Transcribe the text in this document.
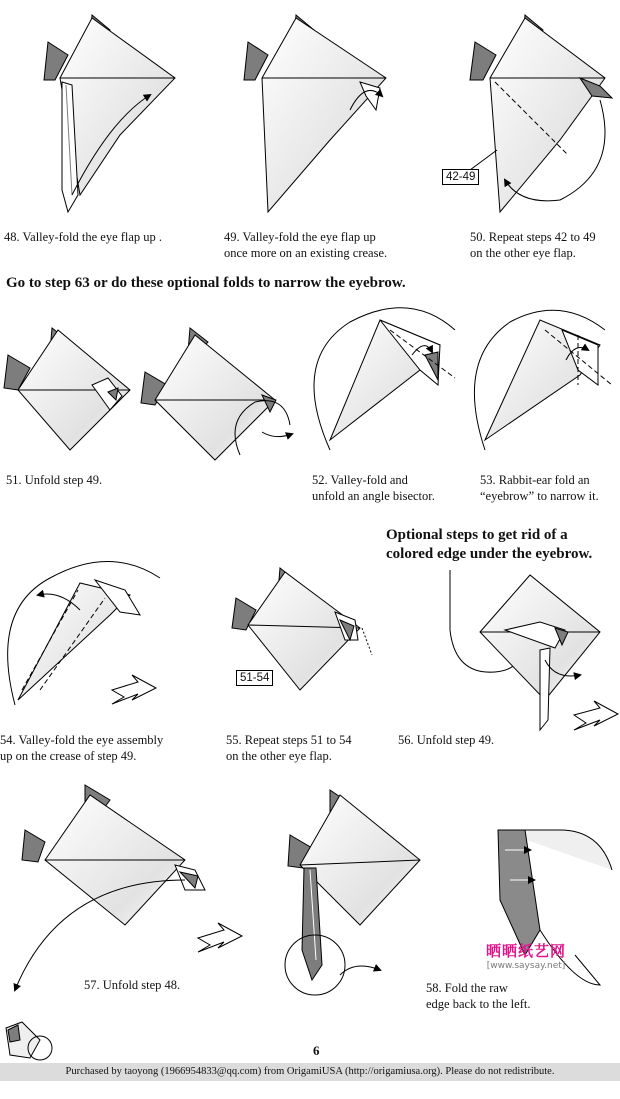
42-49
51-54
48. Valley-fold the eye flap up .	49. Valley-fold the eye flap up
once more on an existing crease.
50. Repeat steps 42 to 49
on the other eye flap.
Go to step 63 or do these optional folds to narrow the eyebrow.
51. Unfold step 49.	52. Valley-fold and
unfold an angle bisector.
53. Rabbit-ear fold an
“eyebrow” to narrow it.
Optional steps to get rid of a
colored edge under the eyebrow.
54. Valley-fold the eye assembly
up on the crease of step 49.
55. Repeat steps 51 to 54
on the other eye flap.
56. Unfold step 49.
57. Unfold step 48.	58. Fold the raw
edge back to the left.
晒晒纸艺网
[www.saysay.net]
6
Purchased by taoyong (1966954833@qq.com) from OrigamiUSA (http://origamiusa.org). Please do not redistribute.
